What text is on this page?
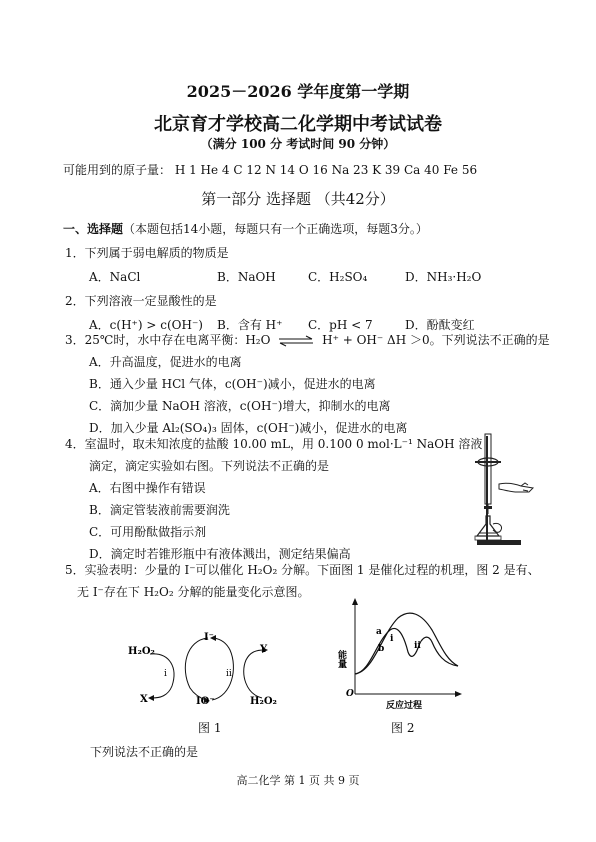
2025－2026 学年度第一学期
北京育才学校高二化学期中考试试卷
（满分 100 分 考试时间 90 分钟）
可能用到的原子量： H 1 He 4 C 12 N 14 O 16 Na 23 K 39 Ca 40 Fe 56
第一部分 选择题 （共42分）
一、选择题（本题包括14小题，每题只有一个正确选项，每题3分。）
1．下列属于弱电解质的物质是
A．NaCl	B．NaOH	C．H₂SO₄	D．NH₃·H₂O
2．下列溶液一定显酸性的是
A．c(H⁺) > c(OH⁻) B．含有 H⁺ C．pH < 7	D．酚酞变红
3．25℃时，水中存在电离平衡：H₂O ⇌ H⁺ + OH⁻ ΔH ＞0。下列说法不正确的是
A．升高温度，促进水的电离
B．通入少量 HCl 气体，c(OH⁻)减小，促进水的电离
C．滴加少量 NaOH 溶液，c(OH⁻)增大，抑制水的电离
D．加入少量 Al₂(SO₄)₃ 固体，c(OH⁻)减小，促进水的电离
4．室温时，取未知浓度的盐酸 10.00 mL，用 0.100 0 mol·L⁻¹ NaOH 溶液
滴定，滴定实验如右图。下列说法不正确的是
A．右图中操作有错误
B．滴定管装液前需要润洗
C．可用酚酞做指示剂
D．滴定时若锥形瓶中有液体溅出，测定结果偏高
5．实验表明：少量的 I⁻可以催化 H₂O₂ 分解。下面图 1 是催化过程的机理，图 2 是有、
无 I⁻存在下 H₂O₂ 分解的能量变化示意图。
H₂O₂
I⁻
Y
X	IO⁻	H₂O₂
i	ii
图 1
能量
O
a
b
i
ii
反应过程
图 2
下列说法不正确的是
高二化学 第 1 页 共 9 页
